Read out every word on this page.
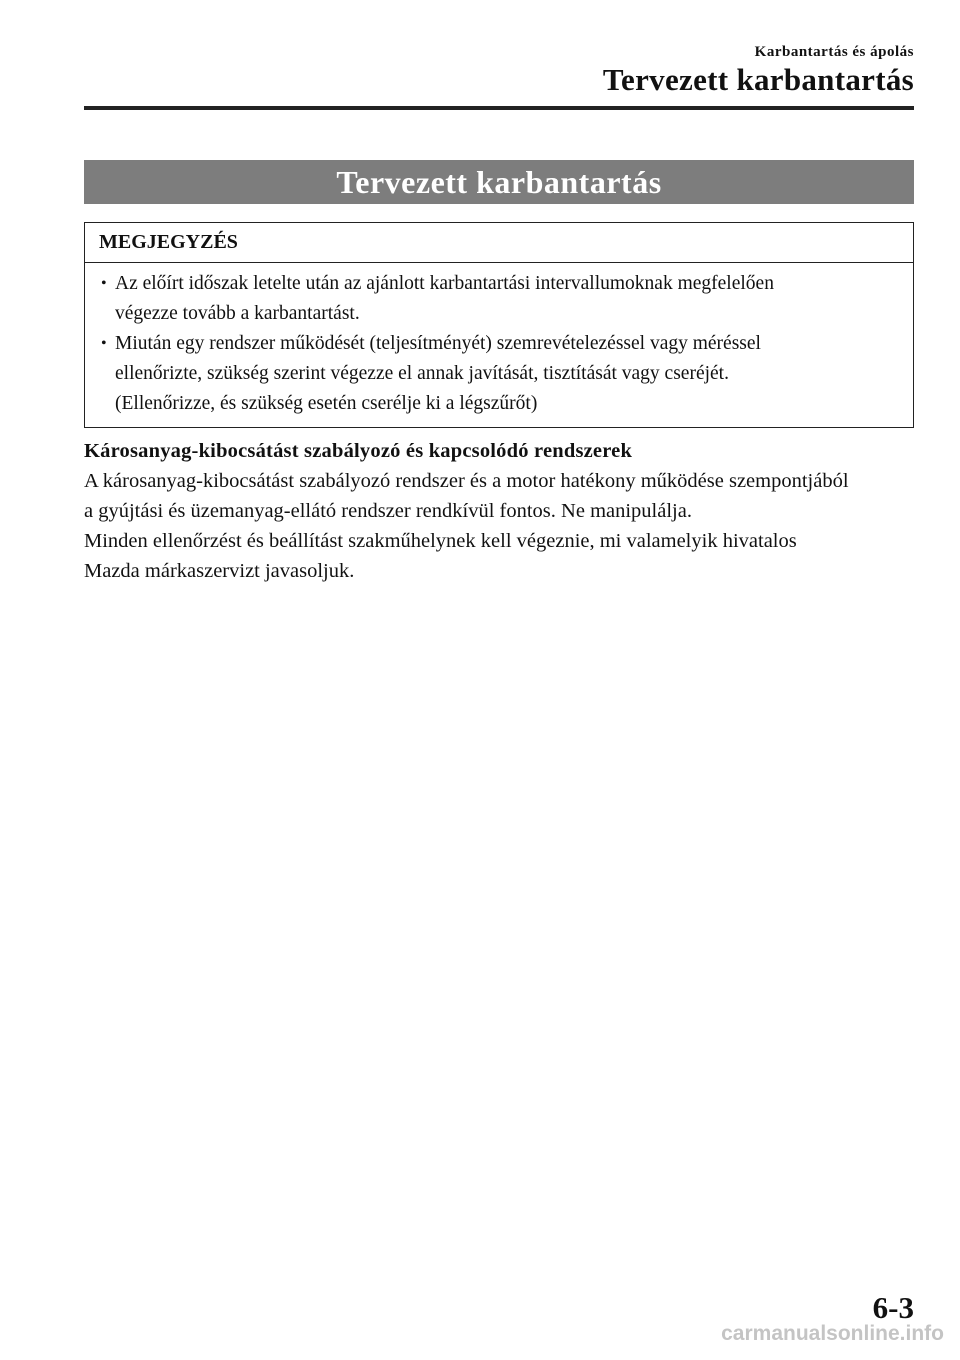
Karbantartás és ápolás
Tervezett karbantartás
Tervezett karbantartás
MEGJEGYZÉS
• Az előírt időszak letelte után az ajánlott karbantartási intervallumoknak megfelelően
végezze tovább a karbantartást.
• Miután egy rendszer működését (teljesítményét) szemrevételezéssel vagy méréssel
ellenőrizte, szükség szerint végezze el annak javítását, tisztítását vagy cseréjét.
(Ellenőrizze, és szükség esetén cserélje ki a légszűrőt)
Károsanyag-kibocsátást szabályozó és kapcsolódó rendszerek
A károsanyag-kibocsátást szabályozó rendszer és a motor hatékony működése szempontjából
a gyújtási és üzemanyag-ellátó rendszer rendkívül fontos. Ne manipulálja.
Minden ellenőrzést és beállítást szakműhelynek kell végeznie, mi valamelyik hivatalos
Mazda márkaszervizt javasoljuk.
6-3
carmanualsonline.info
